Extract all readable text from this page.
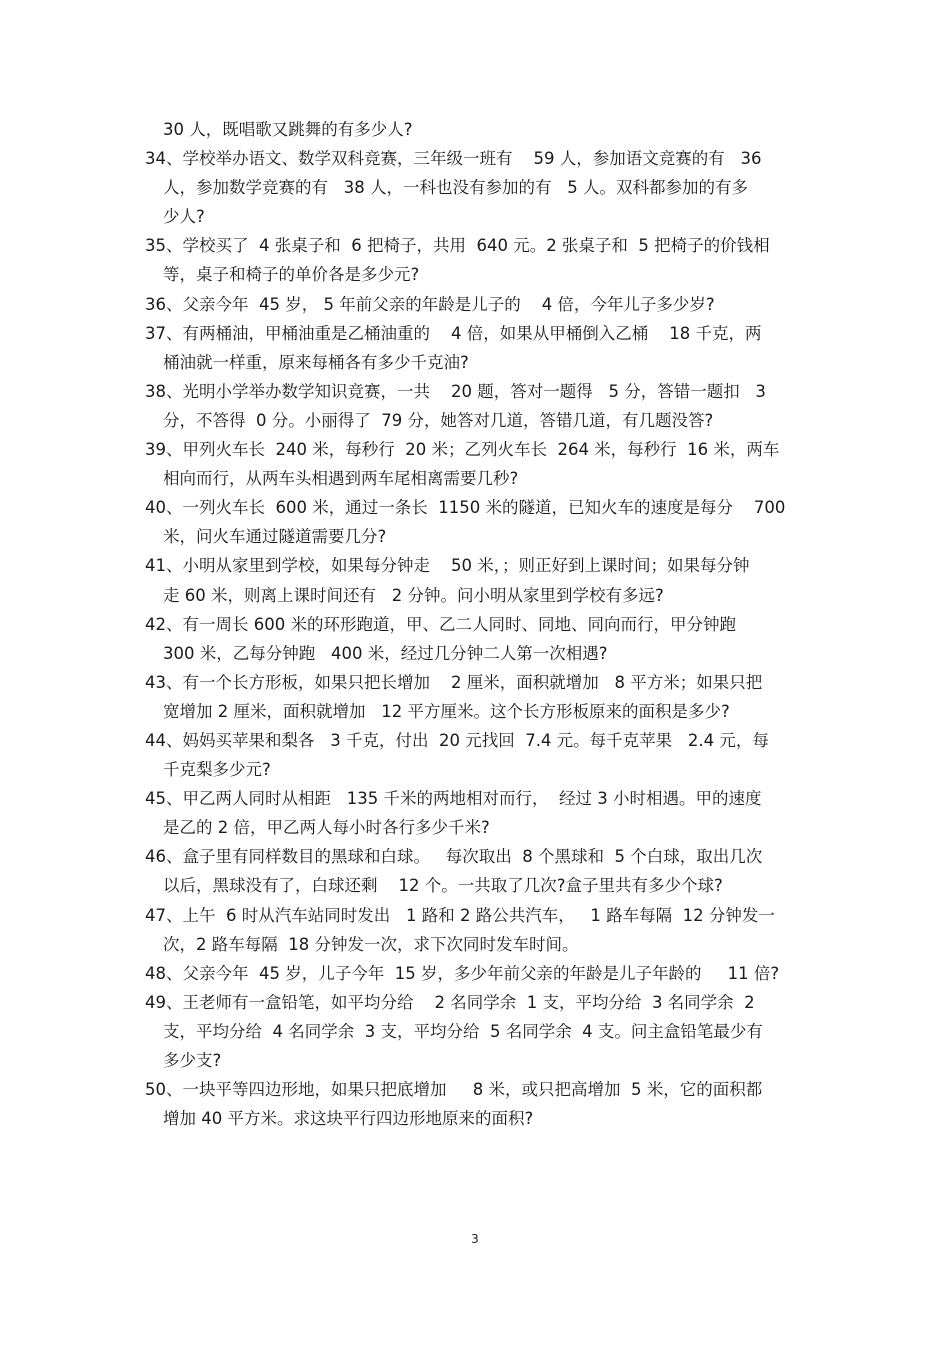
30 人，既唱歌又跳舞的有多少人?
34、学校举办语文、数学双科竞赛，三年级一班有    59 人，参加语文竞赛的有   36
人，参加数学竞赛的有   38 人，一科也没有参加的有   5 人。双科都参加的有多
少人?
35、学校买了  4 张桌子和  6 把椅子，共用  640 元。2 张桌子和  5 把椅子的价钱相
等，桌子和椅子的单价各是多少元?
36、父亲今年  45 岁， 5 年前父亲的年龄是儿子的    4 倍，今年儿子多少岁?
37、有两桶油，甲桶油重是乙桶油重的    4 倍，如果从甲桶倒入乙桶    18 千克，两
桶油就一样重，原来每桶各有多少千克油?
38、光明小学举办数学知识竞赛，一共    20 题，答对一题得   5 分，答错一题扣   3
分，不答得  0 分。小丽得了  79 分，她答对几道，答错几道，有几题没答?
39、甲列火车长  240 米，每秒行  20 米；乙列火车长  264 米，每秒行  16 米，两车
相向而行，从两车头相遇到两车尾相离需要几秒?
40、一列火车长  600 米，通过一条长  1150 米的隧道，已知火车的速度是每分    700
米，问火车通过隧道需要几分?
41、小明从家里到学校，如果每分钟走    50 米，；则正好到上课时间；如果每分钟
走 60 米，则离上课时间还有   2 分钟。问小明从家里到学校有多远?
42、有一周长 600 米的环形跑道，甲、乙二人同时、同地、同向而行，甲分钟跑
300 米，乙每分钟跑   400 米，经过几分钟二人第一次相遇?
43、有一个长方形板，如果只把长增加    2 厘米，面积就增加   8 平方米；如果只把
宽增加 2 厘米，面积就增加   12 平方厘米。这个长方形板原来的面积是多少?
44、妈妈买苹果和梨各   3 千克，付出  20 元找回  7.4 元。每千克苹果   2.4 元，每
千克梨多少元?
45、甲乙两人同时从相距   135 千米的两地相对而行，  经过 3 小时相遇。甲的速度
是乙的 2 倍，甲乙两人每小时各行多少千米?
46、盒子里有同样数目的黑球和白球。   每次取出  8 个黑球和  5 个白球，取出几次
以后，黑球没有了，白球还剩    12 个。一共取了几次?盒子里共有多少个球?
47、上午  6 时从汽车站同时发出   1 路和 2 路公共汽车，   1 路车每隔  12 分钟发一
次，2 路车每隔  18 分钟发一次，求下次同时发车时间。
48、父亲今年  45 岁，儿子今年  15 岁，多少年前父亲的年龄是儿子年龄的     11 倍?
49、王老师有一盒铅笔，如平均分给    2 名同学余  1 支，平均分给  3 名同学余  2
支，平均分给  4 名同学余  3 支，平均分给  5 名同学余  4 支。问主盒铅笔最少有
多少支?
50、一块平等四边形地，如果只把底增加     8 米，或只把高增加  5 米，它的面积都
增加 40 平方米。求这块平行四边形地原来的面积?
3
